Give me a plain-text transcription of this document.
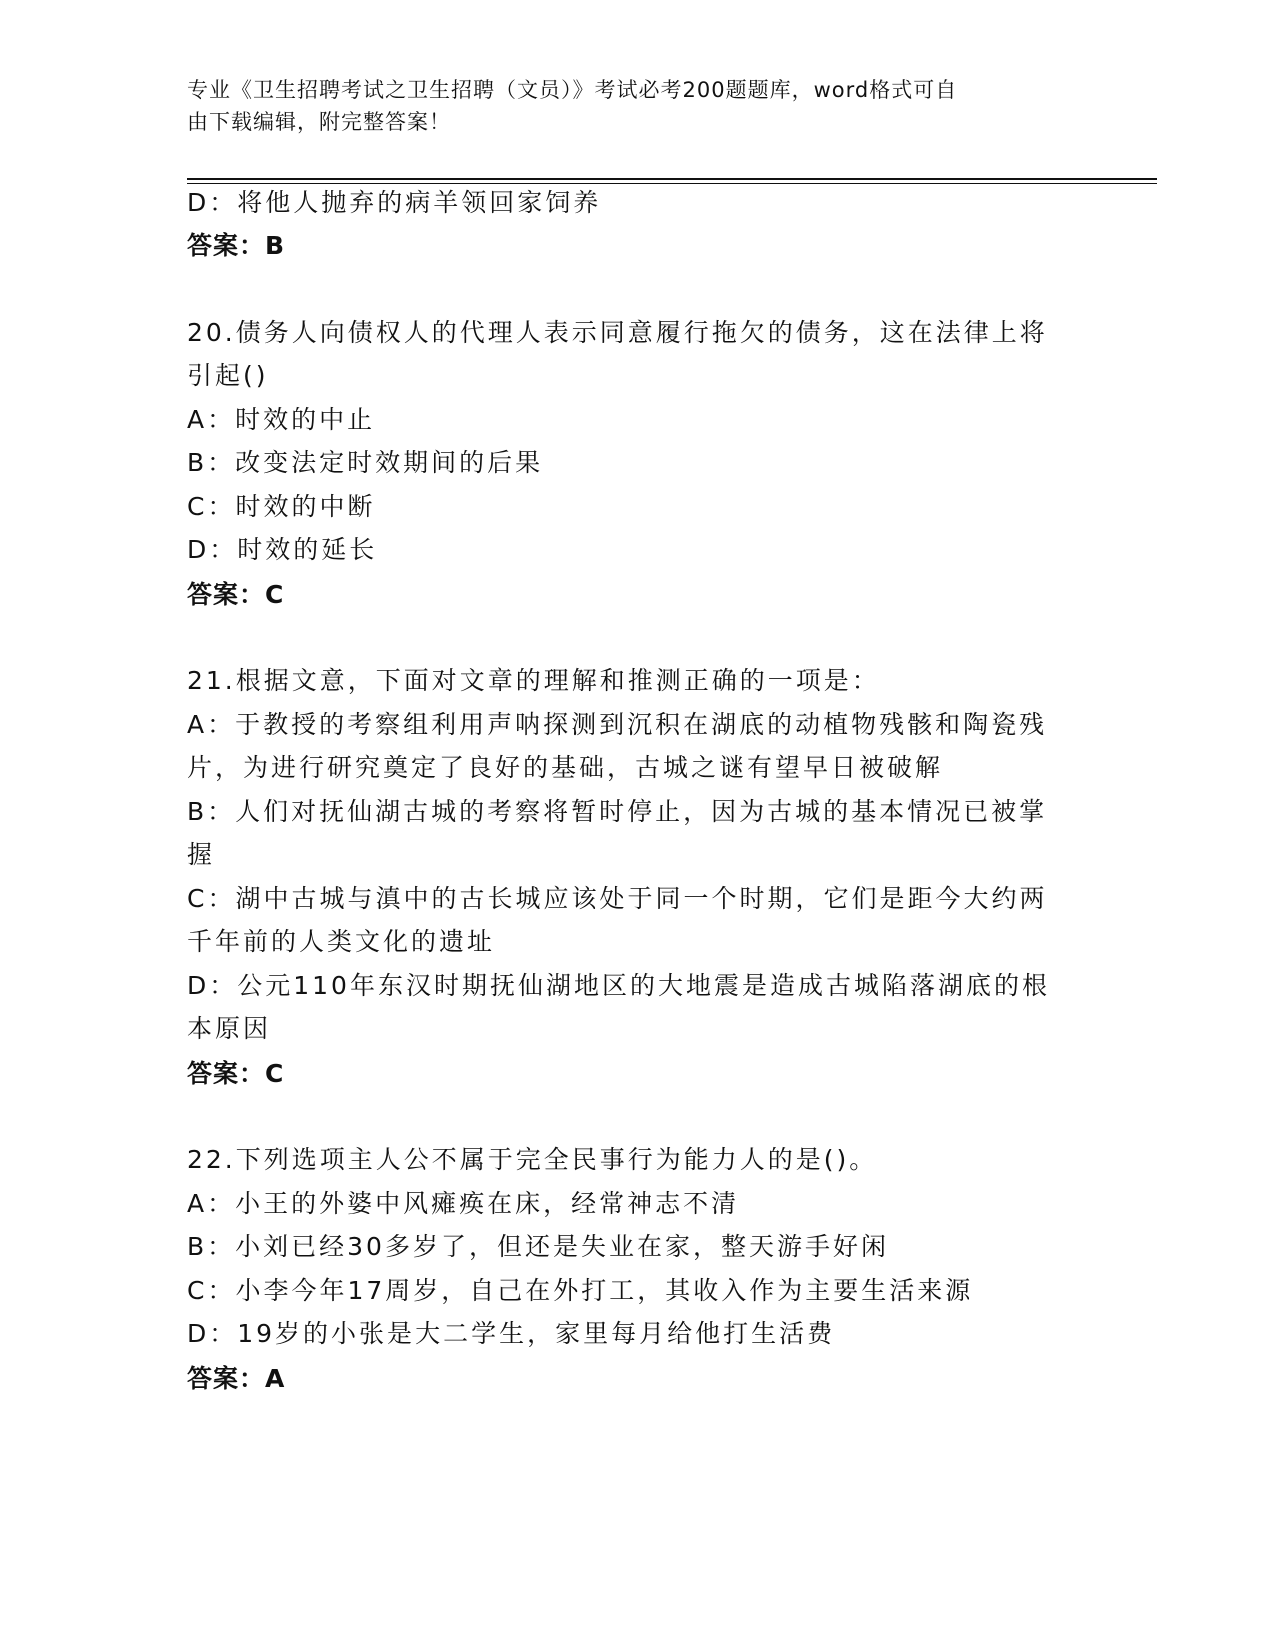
专业《卫生招聘考试之卫生招聘（文员）》考试必考200题题库，word格式可自
由下载编辑，附完整答案！
D：将他人抛弃的病羊领回家饲养
答案：B
20.债务人向债权人的代理人表示同意履行拖欠的债务，这在法律上将
引起()
A：时效的中止
B：改变法定时效期间的后果
C：时效的中断
D：时效的延长
答案：C
21.根据文意，下面对文章的理解和推测正确的一项是：
A：于教授的考察组利用声呐探测到沉积在湖底的动植物残骸和陶瓷残
片，为进行研究奠定了良好的基础，古城之谜有望早日被破解
B：人们对抚仙湖古城的考察将暂时停止，因为古城的基本情况已被掌
握
C：湖中古城与滇中的古长城应该处于同一个时期，它们是距今大约两
千年前的人类文化的遗址
D：公元110年东汉时期抚仙湖地区的大地震是造成古城陷落湖底的根
本原因
答案：C
22.下列选项主人公不属于完全民事行为能力人的是()。
A：小王的外婆中风瘫痪在床，经常神志不清
B：小刘已经30多岁了，但还是失业在家，整天游手好闲
C：小李今年17周岁，自己在外打工，其收入作为主要生活来源
D：19岁的小张是大二学生，家里每月给他打生活费
答案：A
